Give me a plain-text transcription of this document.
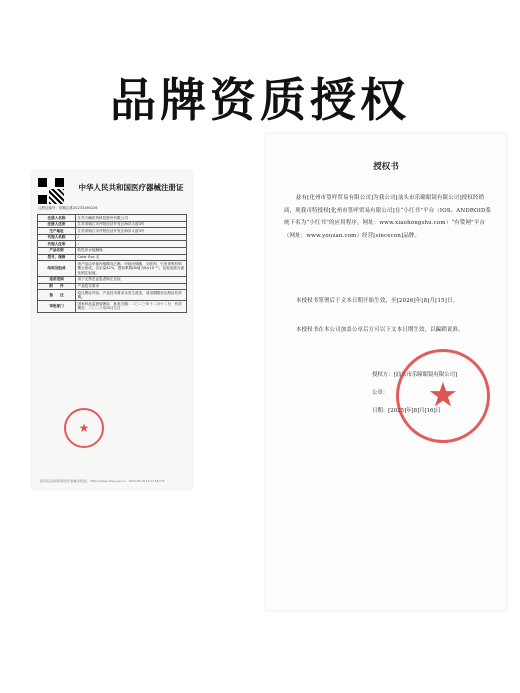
品牌资质授权
中华人民共和国医疗器械注册证
注册证编号：国械注准20233160226
注册人名称	江苏天瞳医药科技股份有限公司
注册人住所	江苏省镇江市丹阳经济开发区海洋大道3号
生产地址	江苏省镇江市丹阳经济开发区海洋大道3号
代理人名称	/
代理人住所	/
产品名称	软性亲水接触镜
型号、规格	Color Eye 无
结构及组成	该产品由甲基丙烯酸羟乙酯、甲基丙烯酸、交联剂、引发剂等材料聚合而成，含水量42%，透氧系数Dk值为8×10⁻¹¹。包装溶液为氯化钠注射液。
适用范围	用于无禁忌证患者矫正近视
附　　件	产品技术要求
备　　注	原注册证内容，产品技术要求未发生改变，适用期限至注册证有效期。
审批部门	国家药品监督管理局　批准日期：二〇二三年十二月十二日　有效期至：二〇二八年四月九日
国家药品监督管理局医疗器械注册信息　https://www.nmpa.gov.cn　2023-08-18 13:17:58 UTC
★
授权书
兹有[化州市篁咩贸易有限公司]为我公司[汕头市乐瞳眼镜有限公司]授权经销商，现我司特授权[化州市篁咩贸易有限公司]在“小红书”平台（IOS、ANDROID系统下名为“小红书”的应用程序，网址：www.xiaohongshu.com）“有赞网”平台（网址：www.youzan.com）经营[sincecon]品牌。
本授权书签署后于文本日期开始生效，至[2026]年[8]月[15]日。
本授权书在本公司加盖公章后方可以下文本日期生效，以蹁蹈说准。
授权方：[汕头市乐瞳眼镜有限公司]
公章：
日期：[2025]年[8]月[16]日
★
